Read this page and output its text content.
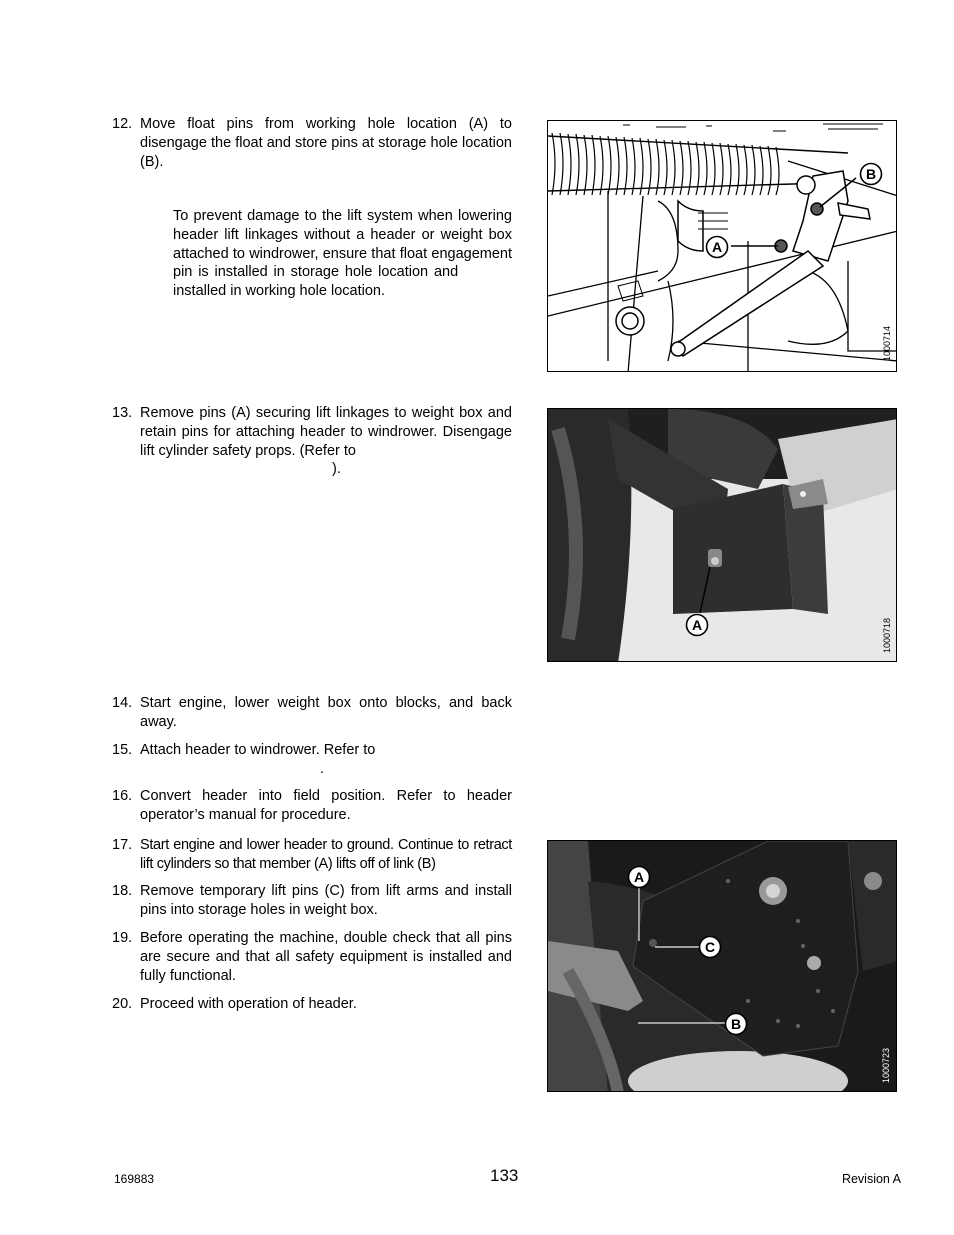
12. Move float pins from working hole location (A) to disengage the float and store pins at storage hole location (B).
To prevent damage to the lift system when lowering header lift linkages without a header or weight box attached to windrower, ensure that float engagement pin is installed in storage hole location and  installed in working hole location.
13. Remove pins (A) securing lift linkages to weight box and retain pins for attaching header to windrower. Disengage lift cylinder safety props. (Refer to
).
14. Start engine, lower weight box onto blocks, and back away.
15. Attach header to windrower. Refer to
.
16. Convert header into field position. Refer to header operator’s manual for procedure.
17. Start engine and lower header to ground. Continue to retract lift cylinders so that member (A) lifts off of link (B)
18. Remove temporary lift pins (C) from lift arms and install pins into storage holes in weight box.
19. Before operating the machine, double check that all pins are secure and that all safety equipment is installed and fully functional.
20. Proceed with operation of header.
B
A
1000714
A	1000718
A
C
B
1000723
169883	133	Revision A
